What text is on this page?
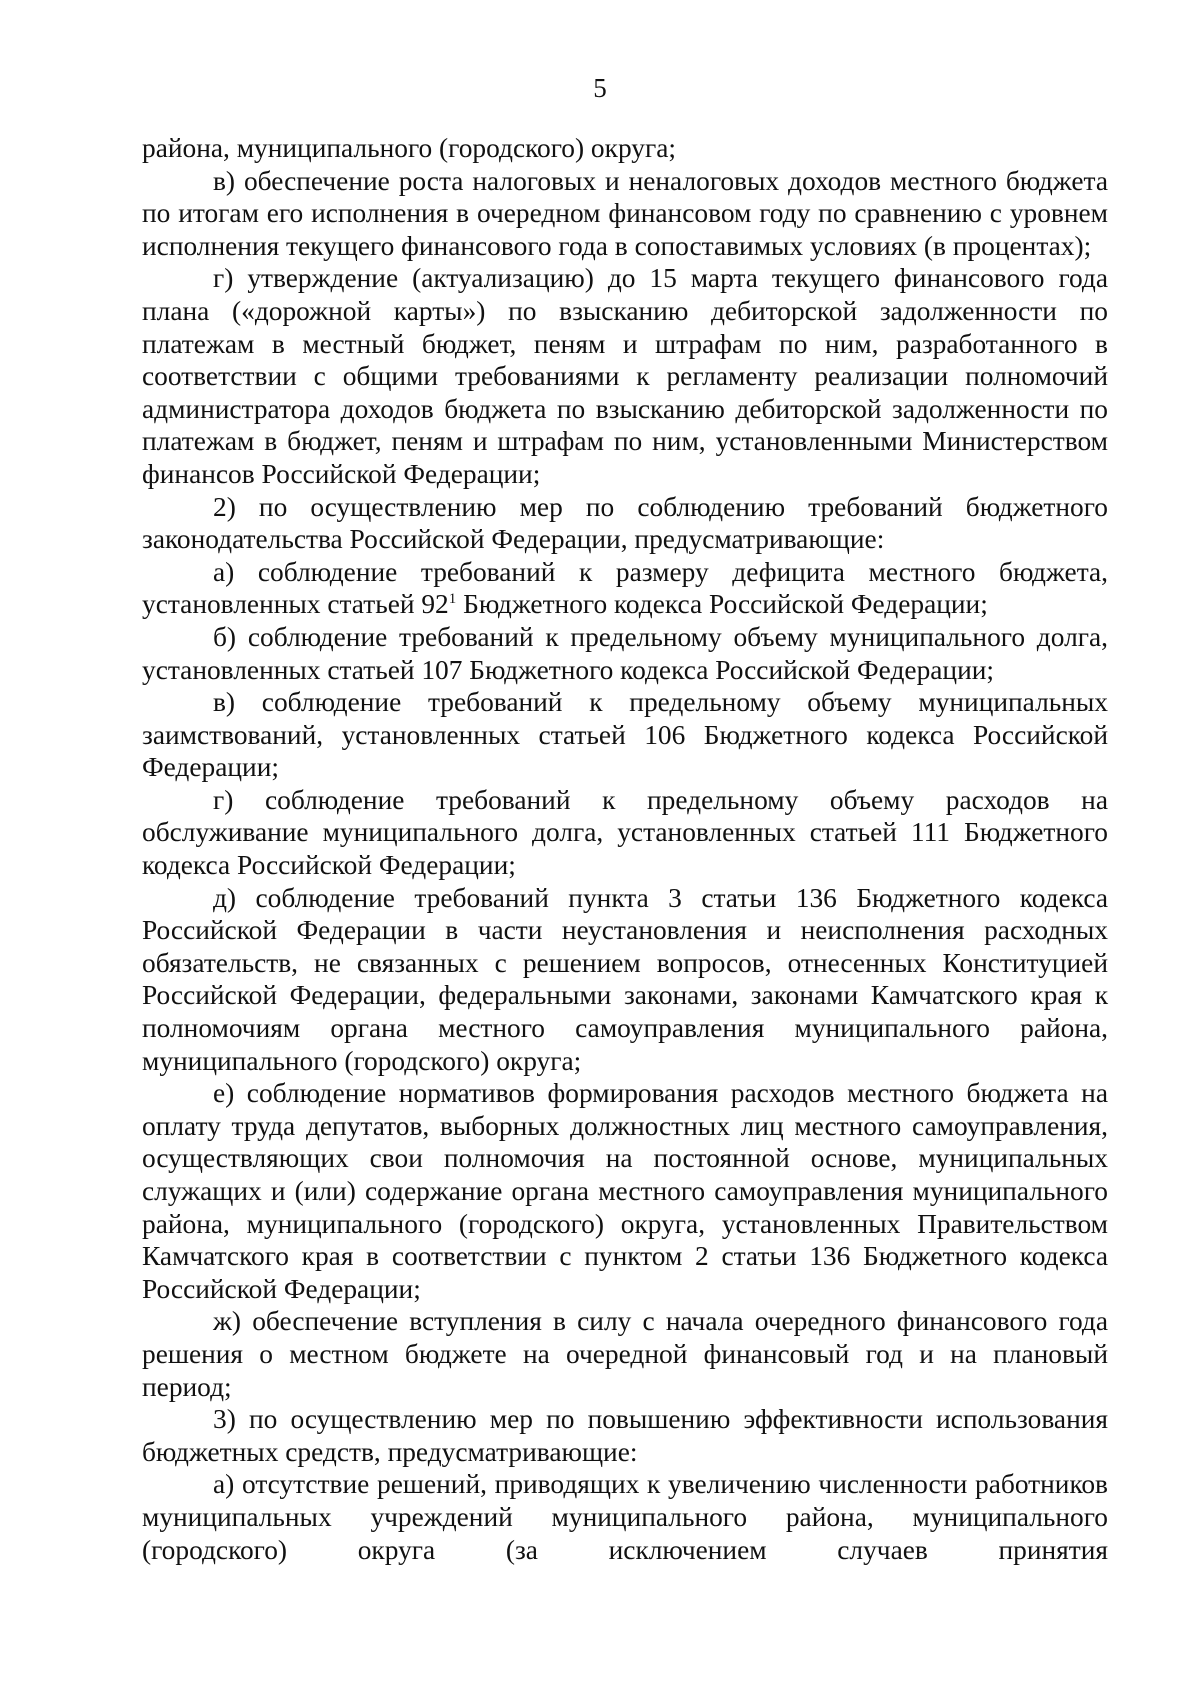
5

района, муниципального (городского) округа;

в) обеспечение роста налоговых и неналоговых доходов местного бюджета по итогам его исполнения в очередном финансовом году по сравнению с уровнем исполнения текущего финансового года в сопоставимых условиях (в процентах);

г) утверждение (актуализацию) до 15 марта текущего финансового года плана («дорожной карты») по взысканию дебиторской задолженности по платежам в местный бюджет, пеням и штрафам по ним, разработанного в соответствии с общими требованиями к регламенту реализации полномочий администратора доходов бюджета по взысканию дебиторской задолженности по платежам в бюджет, пеням и штрафам по ним, установленными Министерством финансов Российской Федерации;

2) по осуществлению мер по соблюдению требований бюджетного законодательства Российской Федерации, предусматривающие:

а) соблюдение требований к размеру дефицита местного бюджета, установленных статьей $92^1$ Бюджетного кодекса Российской Федерации;

б) соблюдение требований к предельному объему муниципального долга, установленных статьей 107 Бюджетного кодекса Российской Федерации;

в) соблюдение требований к предельному объему муниципальных заимствований, установленных статьей 106 Бюджетного кодекса Российской Федерации;

г) соблюдение требований к предельному объему расходов на обслуживание муниципального долга, установленных статьей 111 Бюджетного кодекса Российской Федерации;

д) соблюдение требований пункта 3 статьи 136 Бюджетного кодекса Российской Федерации в части неустановления и неисполнения расходных обязательств, не связанных с решением вопросов, отнесенных Конституцией Российской Федерации, федеральными законами, законами Камчатского края к полномочиям органа местного самоуправления муниципального района, муниципального (городского) округа;

е) соблюдение нормативов формирования расходов местного бюджета на оплату труда депутатов, выборных должностных лиц местного самоуправления, осуществляющих свои полномочия на постоянной основе, муниципальных служащих и (или) содержание органа местного самоуправления муниципального района, муниципального (городского) округа, установленных Правительством Камчатского края в соответствии с пунктом 2 статьи 136 Бюджетного кодекса Российской Федерации;

ж) обеспечение вступления в силу с начала очередного финансового года решения о местном бюджете на очередной финансовый год и на плановый период;

3) по осуществлению мер по повышению эффективности использования бюджетных средств, предусматривающие:

а) отсутствие решений, приводящих к увеличению численности работников муниципальных учреждений муниципального района, муниципального (городского) округа (за исключением случаев принятия
